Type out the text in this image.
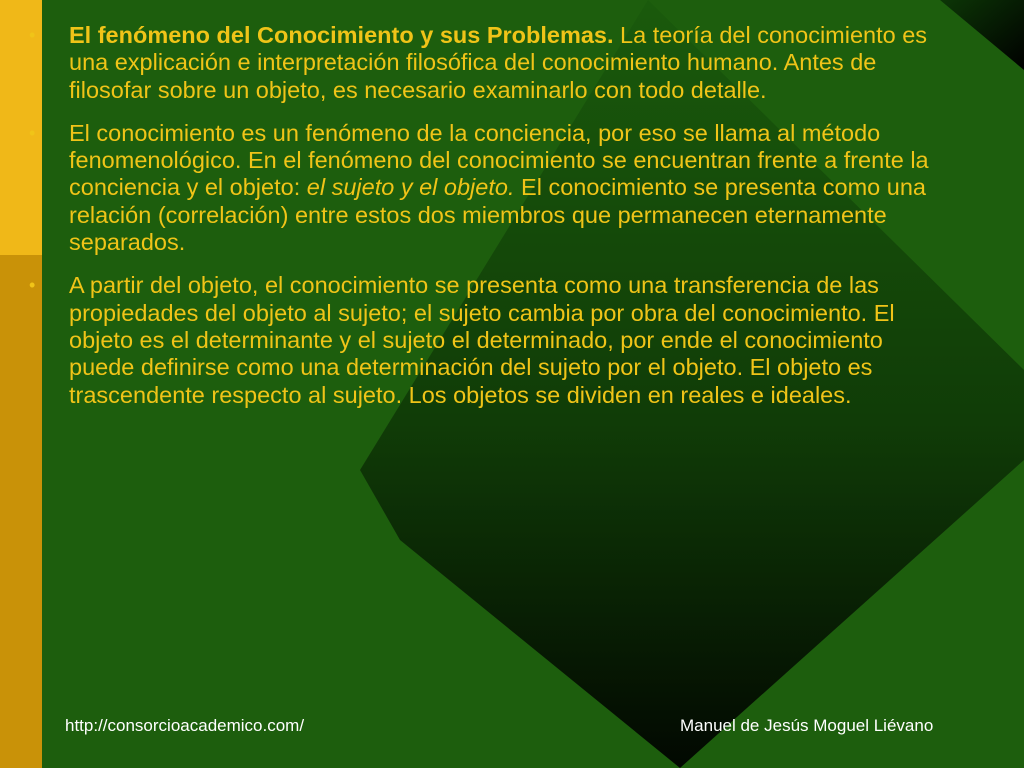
• El fenómeno del Conocimiento y sus Problemas. La teoría del conocimiento es una explicación e interpretación filosófica del conocimiento humano. Antes de filosofar sobre un objeto, es necesario examinarlo con todo detalle.
• El conocimiento es un fenómeno de la conciencia, por eso se llama al método fenomenológico. En el fenómeno del conocimiento se encuentran frente a frente la conciencia y el objeto: el sujeto y el objeto. El conocimiento se presenta como una relación (correlación) entre estos dos miembros que permanecen eternamente separados.
• A partir del objeto, el conocimiento se presenta como una transferencia de las propiedades del objeto al sujeto; el sujeto cambia por obra del conocimiento. El objeto es el determinante y el sujeto el determinado, por ende el conocimiento puede definirse como una determinación del sujeto por el objeto. El objeto es trascendente respecto al sujeto. Los objetos se dividen en reales e ideales.
http://consorcioacademico.com/	Manuel de Jesús Moguel Liévano
